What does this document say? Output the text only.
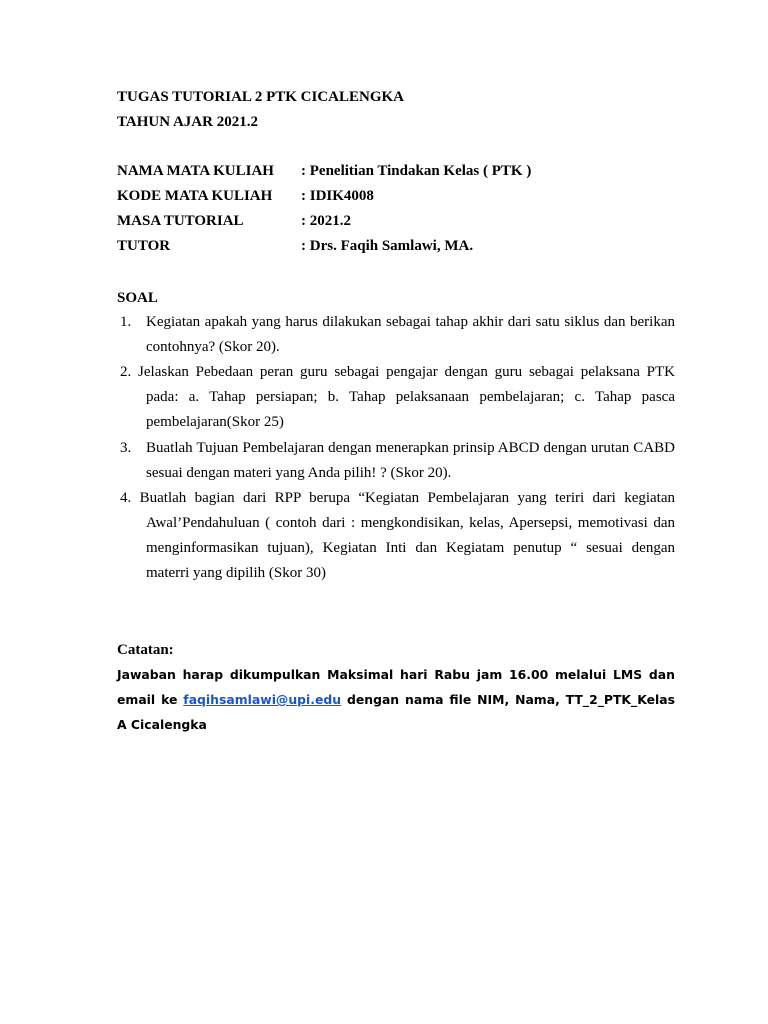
TUGAS TUTORIAL 2 PTK CICALENGKA
TAHUN AJAR 2021.2
NAMA MATA KULIAH : Penelitian Tindakan Kelas ( PTK )
KODE MATA KULIAH : IDIK4008
MASA TUTORIAL	: 2021.2
TUTOR	: Drs. Faqih Samlawi, MA.
SOAL
1. Kegiatan apakah yang harus dilakukan sebagai tahap akhir dari satu siklus dan berikan contohnya? (Skor 20).
2. Jelaskan Pebedaan peran guru sebagai pengajar dengan guru sebagai pelaksana PTK pada: a. Tahap persiapan; b. Tahap pelaksanaan pembelajaran; c. Tahap pasca pembelajaran(Skor 25)
3. Buatlah Tujuan Pembelajaran dengan menerapkan prinsip ABCD dengan urutan CABD sesuai dengan materi yang Anda pilih! ? (Skor 20).
4. Buatlah bagian dari RPP berupa “Kegiatan Pembelajaran yang teriri dari kegiatan Awal’Pendahuluan ( contoh dari : mengkondisikan, kelas, Apersepsi, memotivasi dan menginformasikan tujuan), Kegiatan Inti dan Kegiatam penutup “ sesuai dengan materri yang dipilih (Skor 30)
Catatan:
Jawaban harap dikumpulkan Maksimal hari Rabu jam 16.00 melalui LMS dan email ke faqihsamlawi@upi.edu dengan nama file NIM, Nama, TT_2_PTK_Kelas A Cicalengka
